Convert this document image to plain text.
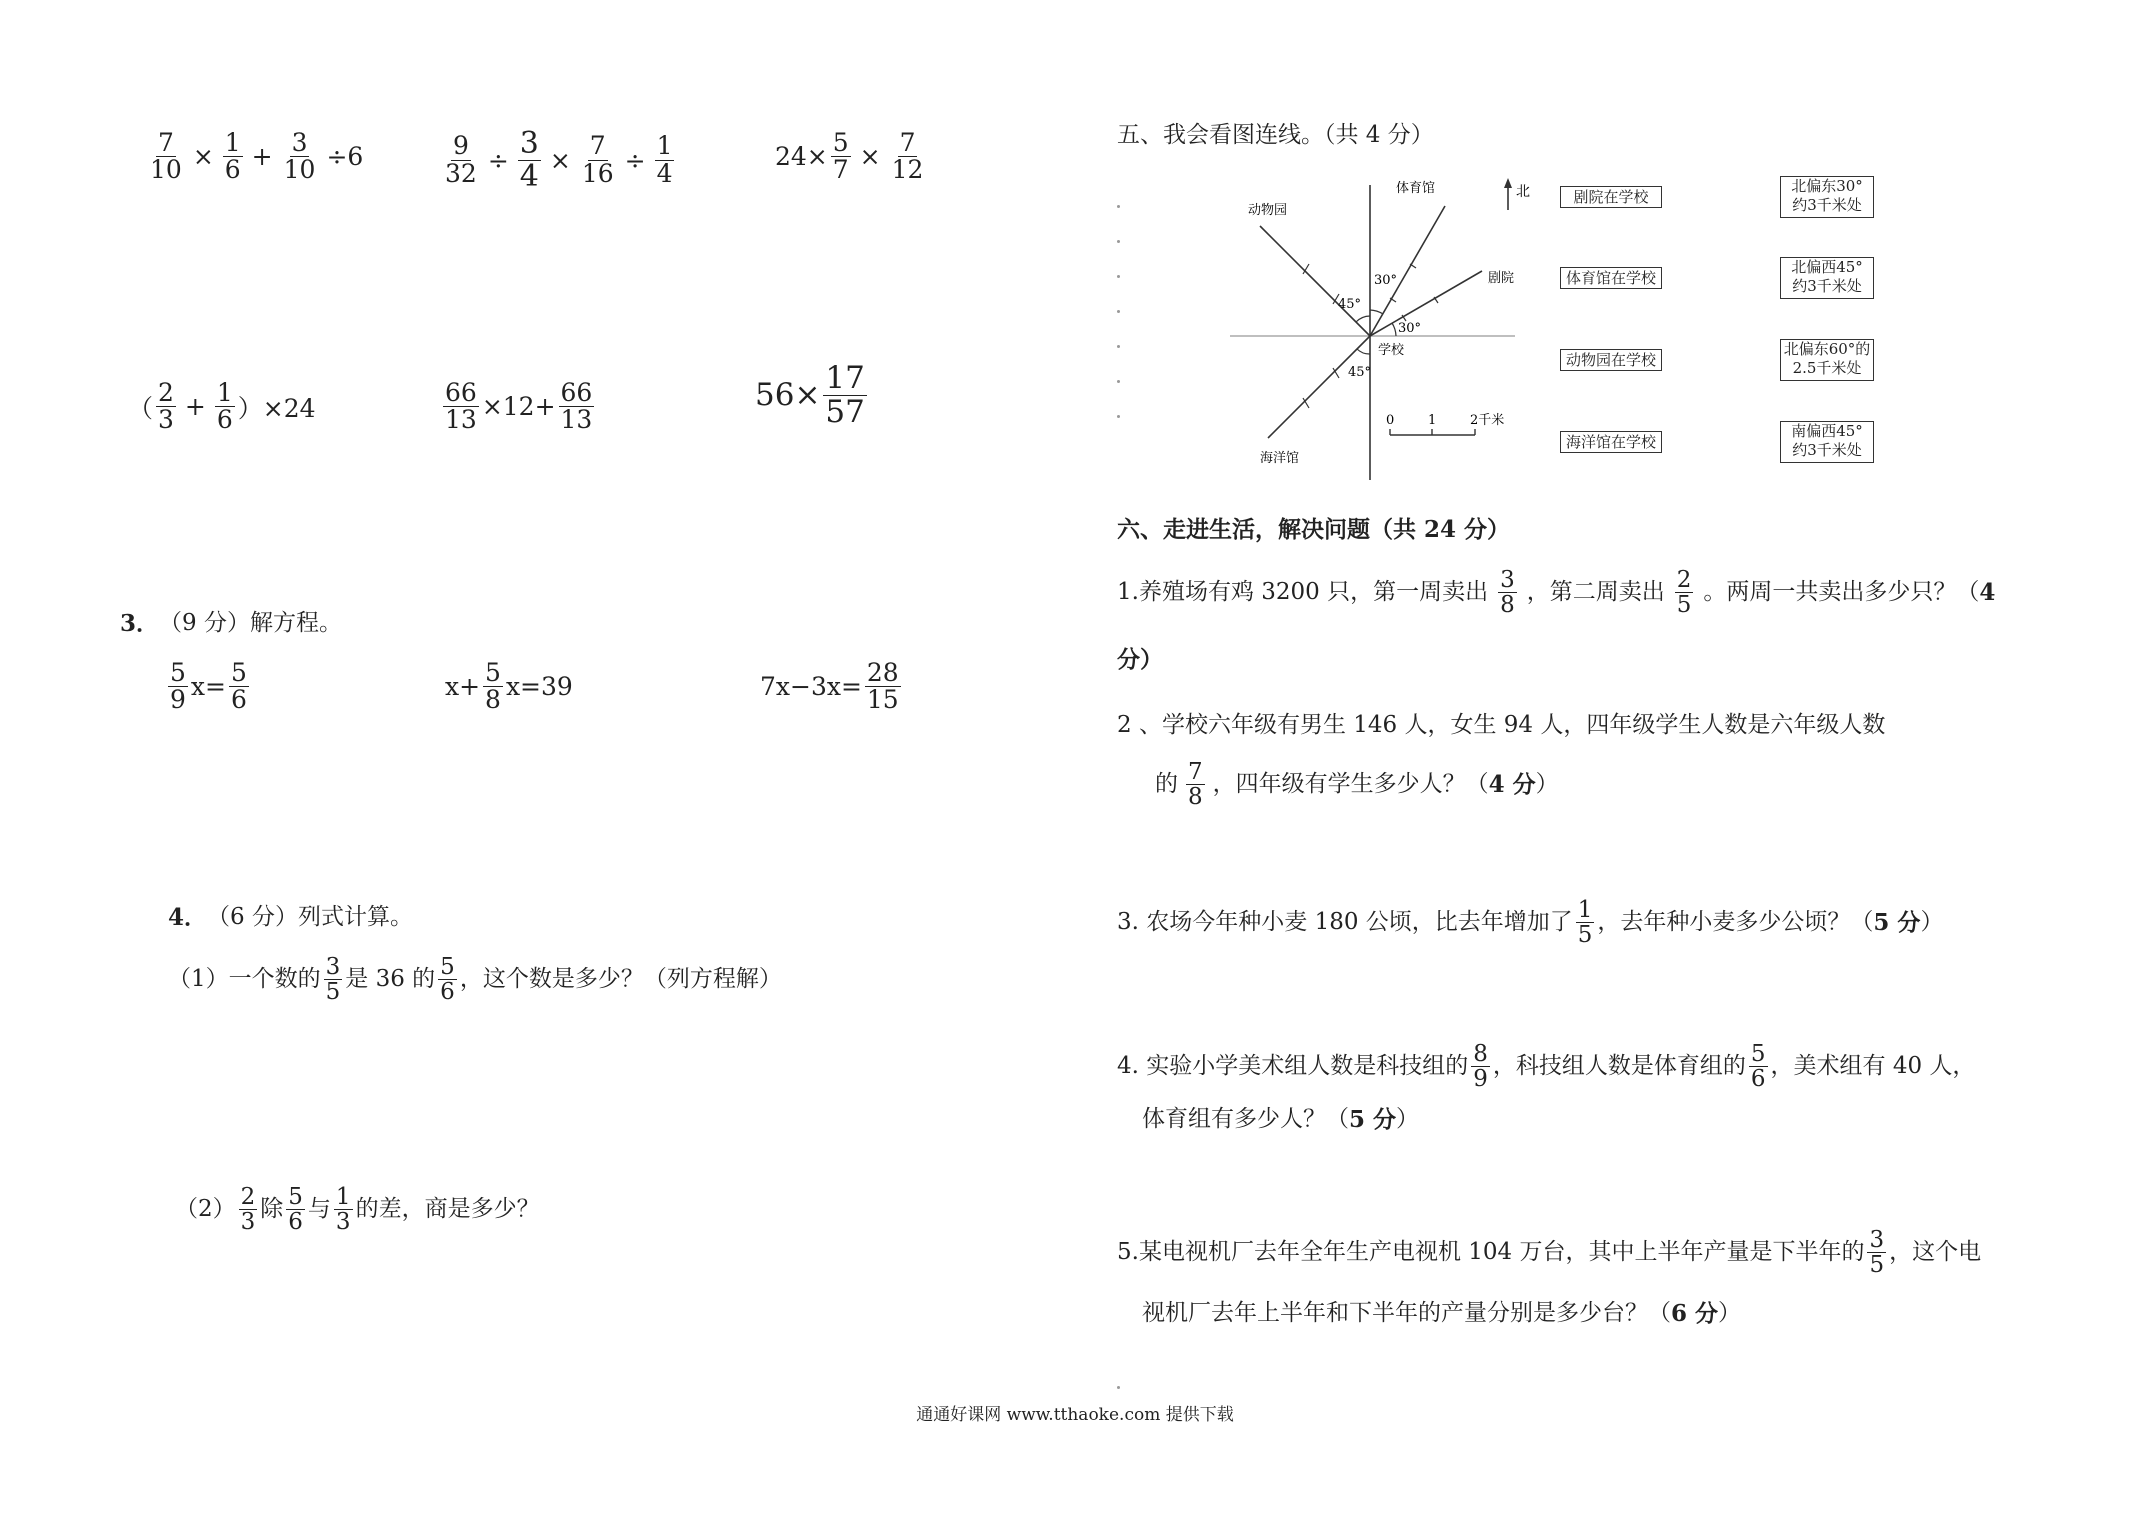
$\frac{7}{10} \times \frac{1}{6} + \frac{3}{10} \div 6$	$\frac{9}{32} \div \frac{3}{4} \times \frac{7}{16} \div \frac{1}{4}$	$24\times \frac{5}{7} \times \frac{7}{12}$
（ $\frac{2}{3} + \frac{1}{6} )\times 24$	$\frac{66}{13} \times 12+ \frac{66}{13}$	$56\times \frac{17}{57}$
3． （9 分）解方程。
$\frac{5}{9} x= \frac{5}{6}$	$x+ \frac{5}{8} x=39$	$7x-3x= \frac{28}{15}$
4． （6 分）列式计算。
（1）一个数的 $\frac{3}{5}$ 是 36 的 $\frac{5}{6}$ ，这个数是多少？（列方程解）
$(2) \frac{2}{3}$ 除 $\frac{5}{6}$ 与 $\frac{1}{3}$ 的差，商是多少？
五、我会看图连线。（共 4 分）
北
动物园
体育馆
剧院
学校
海洋馆
30°
45°
30°
45°
0	1	2千米
剧院在学校
体育馆在学校
动物园在学校
海洋馆在学校
北偏东30°
约3千米处
北偏西45°
约3千米处
北偏东60°的
2.5千米处
南偏西45°
约3千米处
六、走进生活，解决问题（共 24 分）
1.养殖场有鸡 3200 只，第一周卖出 $\frac{3}{8}$ ，第二周卖出 $\frac{2}{5}$ 。两周一共卖出多少只？（ 4
分）
2 、学校六年级有男生 146 人，女生 94 人，四年级学生人数是六年级人数
的 $\frac{7}{8}$ ，四年级有学生多少人？（ 4 分 ）
3. 农场今年种小麦 180 公顷，比去年增加了 $\frac{1}{5}$ ，去年种小麦多少公顷？（ 5 分 ）
4. 实验小学美术组人数是科技组的 $\frac{8}{9}$ ，科技组人数是体育组的 $\frac{5}{6}$ ，美术组有 40 人，
体育组有多少人？（ 5 分 ）
5.某电视机厂去年全年生产电视机 104 万台，其中上半年产量是下半年的 $\frac{3}{5}$ ，这个电
视机厂去年上半年和下半年的产量分别是多少台？（ 6 分 ）
通通好课网 www.tthaoke.com 提供下载
